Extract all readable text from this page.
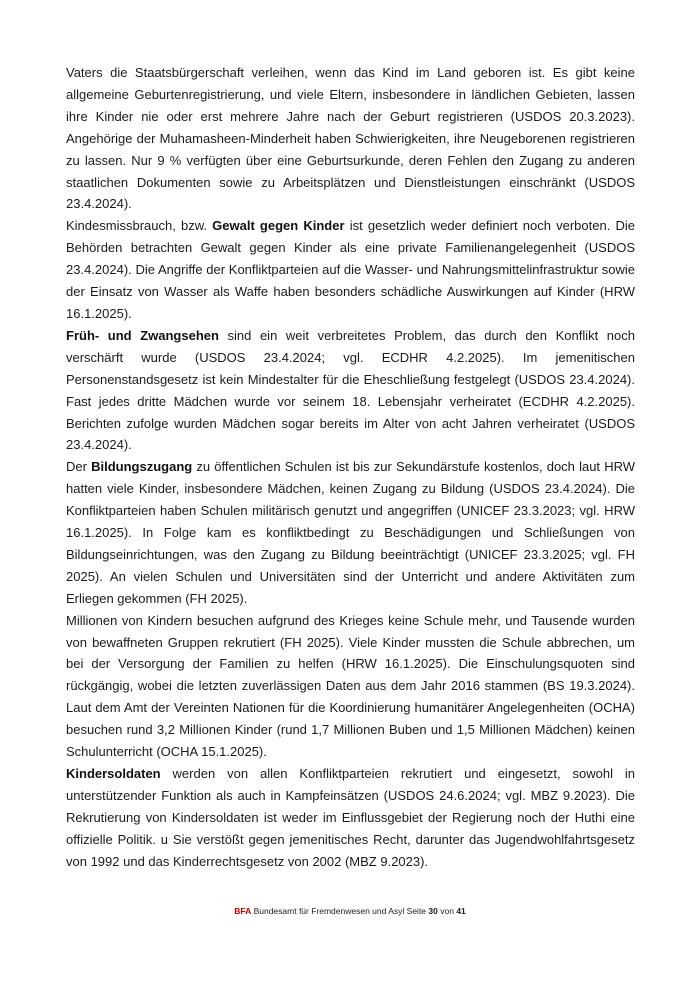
Vaters die Staatsbürgerschaft verleihen, wenn das Kind im Land geboren ist. Es gibt keine allgemeine Geburtenregistrierung, und viele Eltern, insbesondere in ländlichen Gebieten, lassen ihre Kinder nie oder erst mehrere Jahre nach der Geburt registrieren (USDOS 20.3.2023). Angehörige der Muhamasheen-Minderheit haben Schwierigkeiten, ihre Neugeborenen registrieren zu lassen. Nur 9 % verfügten über eine Geburtsurkunde, deren Fehlen den Zugang zu anderen staatlichen Dokumenten sowie zu Arbeitsplätzen und Dienstleistungen einschränkt (USDOS 23.4.2024).

Kindesmissbrauch, bzw. Gewalt gegen Kinder ist gesetzlich weder definiert noch verboten. Die Behörden betrachten Gewalt gegen Kinder als eine private Familienangelegenheit (USDOS 23.4.2024). Die Angriffe der Konfliktparteien auf die Wasser- und Nahrungsmittelinfrastruktur sowie der Einsatz von Wasser als Waffe haben besonders schädliche Auswirkungen auf Kinder (HRW 16.1.2025).

Früh- und Zwangsehen sind ein weit verbreitetes Problem, das durch den Konflikt noch verschärft wurde (USDOS 23.4.2024; vgl. ECDHR 4.2.2025). Im jemenitischen Personenstandsgesetz ist kein Mindestalter für die Eheschließung festgelegt (USDOS 23.4.2024). Fast jedes dritte Mädchen wurde vor seinem 18. Lebensjahr verheiratet (ECDHR 4.2.2025). Berichten zufolge wurden Mädchen sogar bereits im Alter von acht Jahren verheiratet (USDOS 23.4.2024).

Der Bildungszugang zu öffentlichen Schulen ist bis zur Sekundärstufe kostenlos, doch laut HRW hatten viele Kinder, insbesondere Mädchen, keinen Zugang zu Bildung (USDOS 23.4.2024). Die Konfliktparteien haben Schulen militärisch genutzt und angegriffen (UNICEF 23.3.2023; vgl. HRW 16.1.2025). In Folge kam es konfliktbedingt zu Beschädigungen und Schließungen von Bildungseinrichtungen, was den Zugang zu Bildung beeinträchtigt (UNICEF 23.3.2025; vgl. FH 2025). An vielen Schulen und Universitäten sind der Unterricht und andere Aktivitäten zum Erliegen gekommen (FH 2025).

Millionen von Kindern besuchen aufgrund des Krieges keine Schule mehr, und Tausende wurden von bewaffneten Gruppen rekrutiert (FH 2025). Viele Kinder mussten die Schule abbrechen, um bei der Versorgung der Familien zu helfen (HRW 16.1.2025). Die Einschulungsquoten sind rückgängig, wobei die letzten zuverlässigen Daten aus dem Jahr 2016 stammen (BS 19.3.2024). Laut dem Amt der Vereinten Nationen für die Koordinierung humanitärer Angelegenheiten (OCHA) besuchen rund 3,2 Millionen Kinder (rund 1,7 Millionen Buben und 1,5 Millionen Mädchen) keinen Schulunterricht (OCHA 15.1.2025).

Kindersoldaten werden von allen Konfliktparteien rekrutiert und eingesetzt, sowohl in unterstützender Funktion als auch in Kampfeinsätzen (USDOS 24.6.2024; vgl. MBZ 9.2023). Die Rekrutierung von Kindersoldaten ist weder im Einflussgebiet der Regierung noch der Huthi eine offizielle Politik. u Sie verstößt gegen jemenitisches Recht, darunter das Jugendwohlfahrtsgesetz von 1992 und das Kinderrechtsgesetz von 2002 (MBZ 9.2023).

BFA Bundesamt für Fremdenwesen und Asyl Seite 30 von 41
